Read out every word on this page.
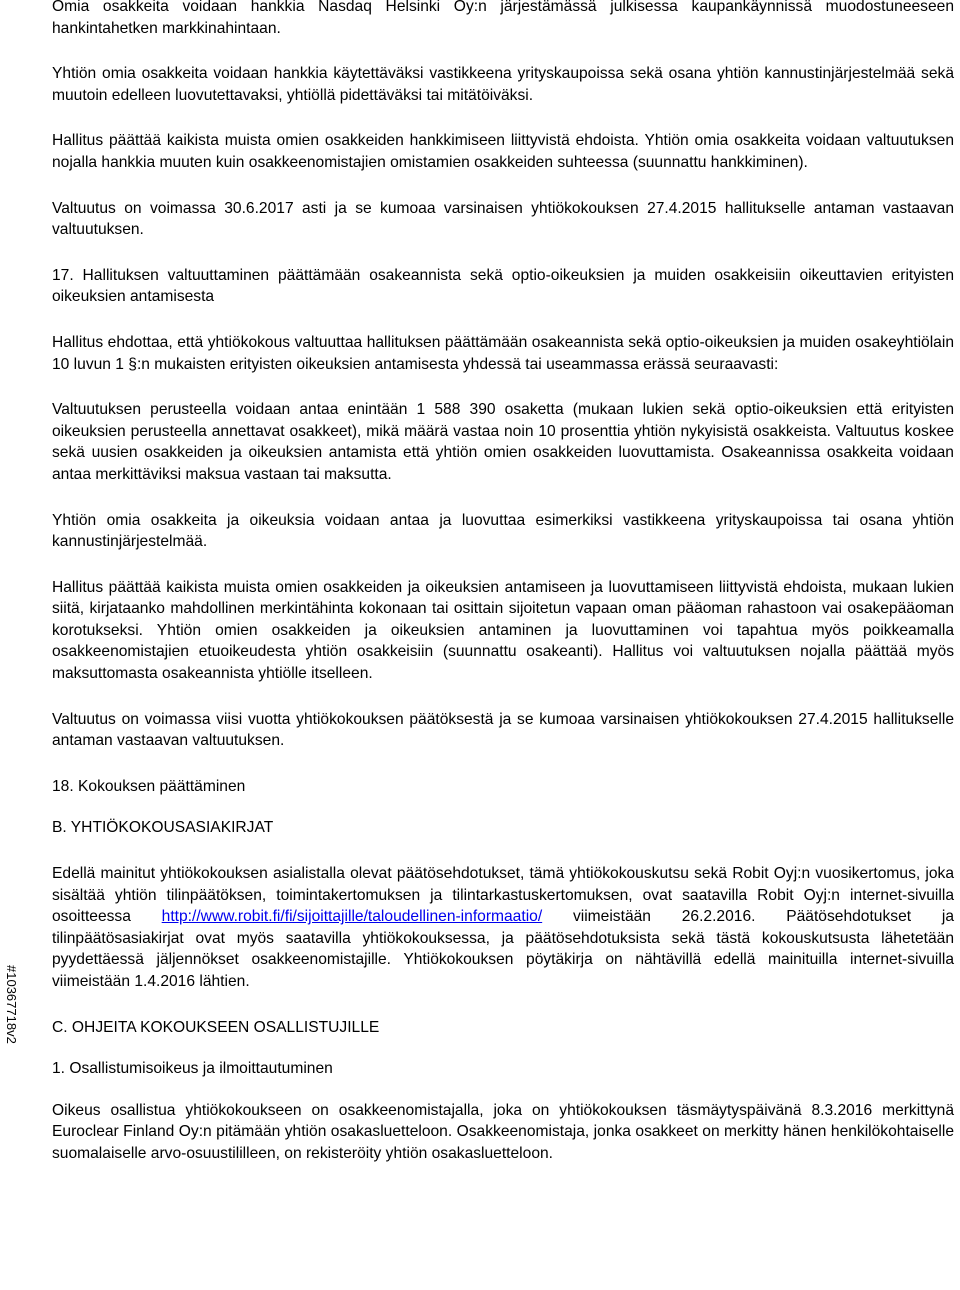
#10367718v2

Omia osakkeita voidaan hankkia Nasdaq Helsinki Oy:n järjestämässä julkisessa kaupankäynnissä muodostuneeseen hankintahetken markkinahintaan.

Yhtiön omia osakkeita voidaan hankkia käytettäväksi vastikkeena yrityskaupoissa sekä osana yhtiön kannustinjärjestelmää sekä muutoin edelleen luovutettavaksi, yhtiöllä pidettäväksi tai mitätöiväksi.

Hallitus päättää kaikista muista omien osakkeiden hankkimiseen liittyvistä ehdoista. Yhtiön omia osakkeita voidaan valtuutuksen nojalla hankkia muuten kuin osakkeenomistajien omistamien osakkeiden suhteessa (suunnattu hankkiminen).

Valtuutus on voimassa 30.6.2017 asti ja se kumoaa varsinaisen yhtiökokouksen 27.4.2015 hallitukselle antaman vastaavan valtuutuksen.

17. Hallituksen valtuuttaminen päättämään osakeannista sekä optio-oikeuksien ja muiden osakkeisiin oikeuttavien erityisten oikeuksien antamisesta

Hallitus ehdottaa, että yhtiökokous valtuuttaa hallituksen päättämään osakeannista sekä optio-oikeuksien ja muiden osakeyhtiölain 10 luvun 1 §:n mukaisten erityisten oikeuksien antamisesta yhdessä tai useammassa erässä seuraavasti:

Valtuutuksen perusteella voidaan antaa enintään 1 588 390 osaketta (mukaan lukien sekä optio-oikeuksien että erityisten oikeuksien perusteella annettavat osakkeet), mikä määrä vastaa noin 10 prosenttia yhtiön nykyisistä osakkeista. Valtuutus koskee sekä uusien osakkeiden ja oikeuksien antamista että yhtiön omien osakkeiden luovuttamista. Osakeannissa osakkeita voidaan antaa merkittäviksi maksua vastaan tai maksutta.

Yhtiön omia osakkeita ja oikeuksia voidaan antaa ja luovuttaa esimerkiksi vastikkeena yrityskaupoissa tai osana yhtiön kannustinjärjestelmää.

Hallitus päättää kaikista muista omien osakkeiden ja oikeuksien antamiseen ja luovuttamiseen liittyvistä ehdoista, mukaan lukien siitä, kirjataanko mahdollinen merkintähinta kokonaan tai osittain sijoitetun vapaan oman pääoman rahastoon vai osakepääoman korotukseksi. Yhtiön omien osakkeiden ja oikeuksien antaminen ja luovuttaminen voi tapahtua myös poikkeamalla osakkeenomistajien etuoikeudesta yhtiön osakkeisiin (suunnattu osakeanti). Hallitus voi valtuutuksen nojalla päättää myös maksuttomasta osakeannista yhtiölle itselleen.

Valtuutus on voimassa viisi vuotta yhtiökokouksen päätöksestä ja se kumoaa varsinaisen yhtiökokouksen 27.4.2015 hallitukselle antaman vastaavan valtuutuksen.

18. Kokouksen päättäminen

B. YHTIÖKOKOUSASIAKIRJAT

Edellä mainitut yhtiökokouksen asialistalla olevat päätösehdotukset, tämä yhtiökokouskutsu sekä Robit Oyj:n vuosikertomus, joka sisältää yhtiön tilinpäätöksen, toimintakertomuksen ja tilintarkastuskertomuksen, ovat saatavilla Robit Oyj:n internet-sivuilla osoitteessa http://www.robit.fi/fi/sijoittajille/taloudellinen-informaatio/ viimeistään 26.2.2016. Päätösehdotukset ja tilinpäätösasiakirjat ovat myös saatavilla yhtiökokouksessa, ja päätösehdotuksista sekä tästä kokouskutsusta lähetetään pyydettäessä jäljennökset osakkeenomistajille. Yhtiökokouksen pöytäkirja on nähtävillä edellä mainituilla internet-sivuilla viimeistään 1.4.2016 lähtien.

C. OHJEITA KOKOUKSEEN OSALLISTUJILLE

1. Osallistumisoikeus ja ilmoittautuminen

Oikeus osallistua yhtiökokoukseen on osakkeenomistajalla, joka on yhtiökokouksen täsmäytyspäivänä 8.3.2016 merkittynä Euroclear Finland Oy:n pitämään yhtiön osakasluetteloon. Osakkeenomistaja, jonka osakkeet on merkitty hänen henkilökohtaiselle suomalaiselle arvo-osuustililleen, on rekisteröity yhtiön osakasluetteloon.
